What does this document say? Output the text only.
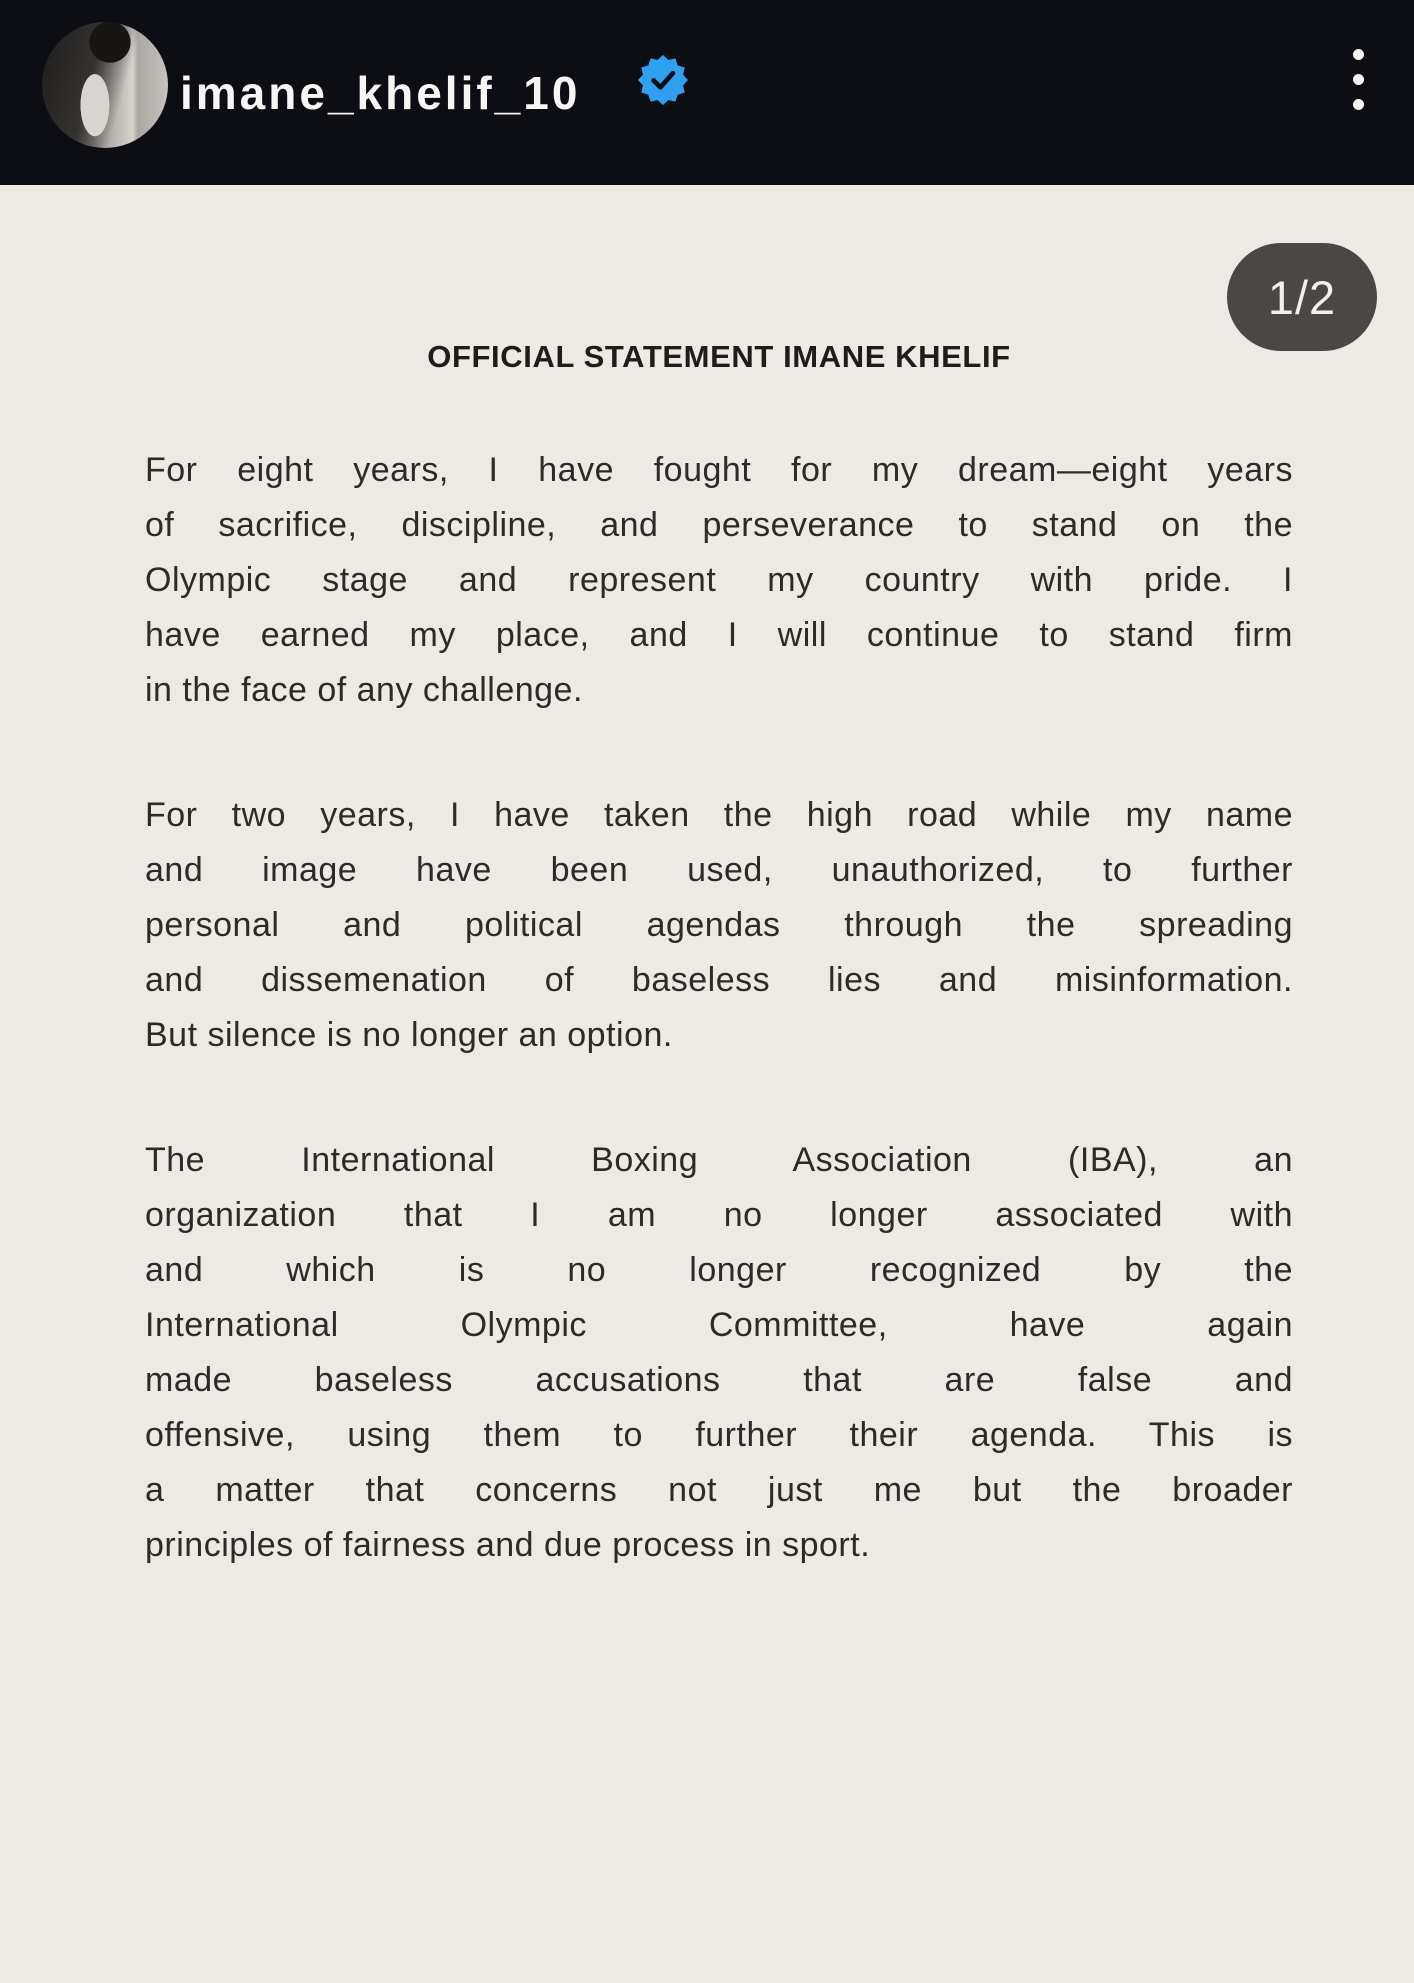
imane_khelif_10
1/2
OFFICIAL STATEMENT IMANE KHELIF
For eight years, I have fought for my dream—eight years
of sacrifice, discipline, and perseverance to stand on the
Olympic stage and represent my country with pride. I
have earned my place, and I will continue to stand firm
in the face of any challenge.
For two years, I have taken the high road while my name
and image have been used, unauthorized, to further
personal and political agendas through the spreading
and dissemenation of baseless lies and misinformation.
But silence is no longer an option.
The International Boxing Association (IBA), an
organization that I am no longer associated with
and which is no longer recognized by the
International Olympic Committee, have again
made baseless accusations that are false and
offensive, using them to further their agenda. This is
a matter that concerns not just me but the broader
principles of fairness and due process in sport.
